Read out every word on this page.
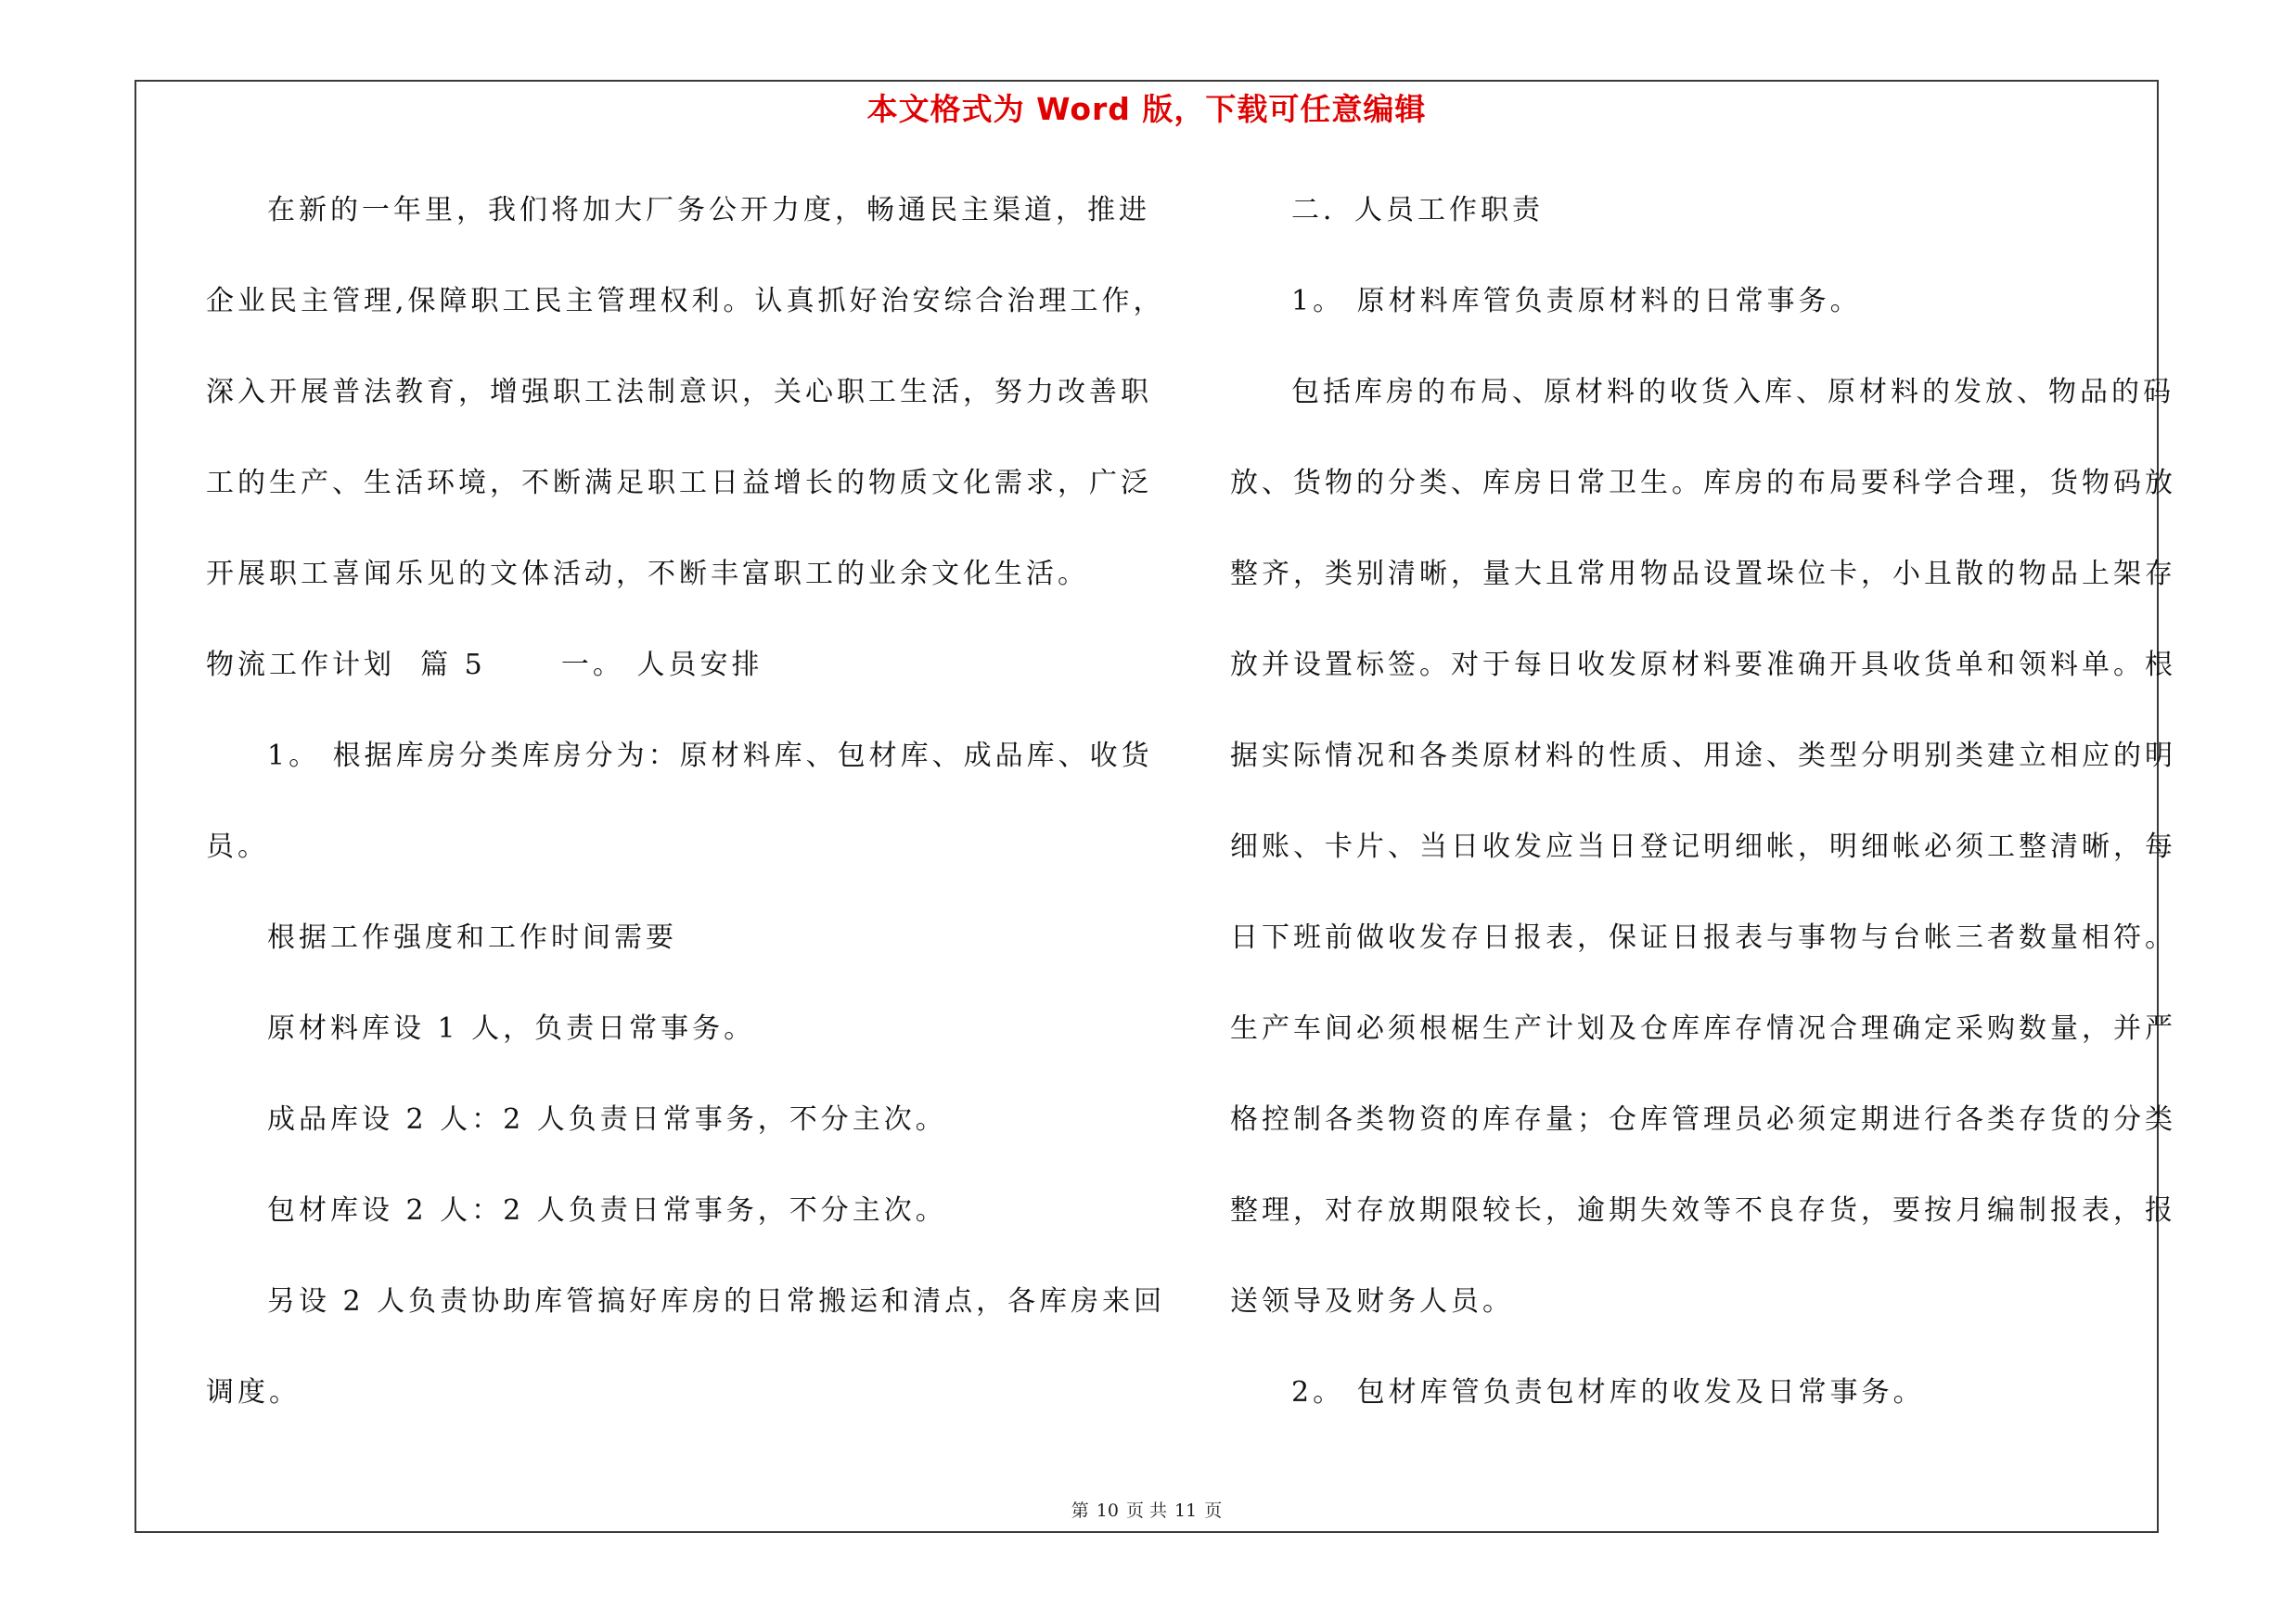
本文格式为 Word 版，下载可任意编辑
在新的一年里，我们将加大厂务公开力度，畅通民主渠道，推进
企业民主管理,保障职工民主管理权利。认真抓好治安综合治理工作，
深入开展普法教育，增强职工法制意识，关心职工生活，努力改善职
工的生产、生活环境，不断满足职工日益增长的物质文化需求，广泛
开展职工喜闻乐见的文体活动，不断丰富职工的业余文化生活。
物流工作计划  篇 5      一。 人员安排
1。 根据库房分类库房分为：原材料库、包材库、成品库、收货
员。
根据工作强度和工作时间需要
原材料库设 1 人，负责日常事务。
成品库设 2 人：2 人负责日常事务，不分主次。
包材库设 2 人：2 人负责日常事务，不分主次。
另设 2 人负责协助库管搞好库房的日常搬运和清点，各库房来回
调度。
二．人员工作职责
1。 原材料库管负责原材料的日常事务。
包括库房的布局、原材料的收货入库、原材料的发放、物品的码
放、货物的分类、库房日常卫生。库房的布局要科学合理，货物码放
整齐，类别清晰，量大且常用物品设置垛位卡，小且散的物品上架存
放并设置标签。对于每日收发原材料要准确开具收货单和领料单。根
据实际情况和各类原材料的性质、用途、类型分明别类建立相应的明
细账、卡片、当日收发应当日登记明细帐，明细帐必须工整清晰，每
日下班前做收发存日报表，保证日报表与事物与台帐三者数量相符。
生产车间必须根椐生产计划及仓库库存情况合理确定采购数量，并严
格控制各类物资的库存量；仓库管理员必须定期进行各类存货的分类
整理，对存放期限较长，逾期失效等不良存货，要按月编制报表，报
送领导及财务人员。
2。 包材库管负责包材库的收发及日常事务。
第 10 页 共 11 页
